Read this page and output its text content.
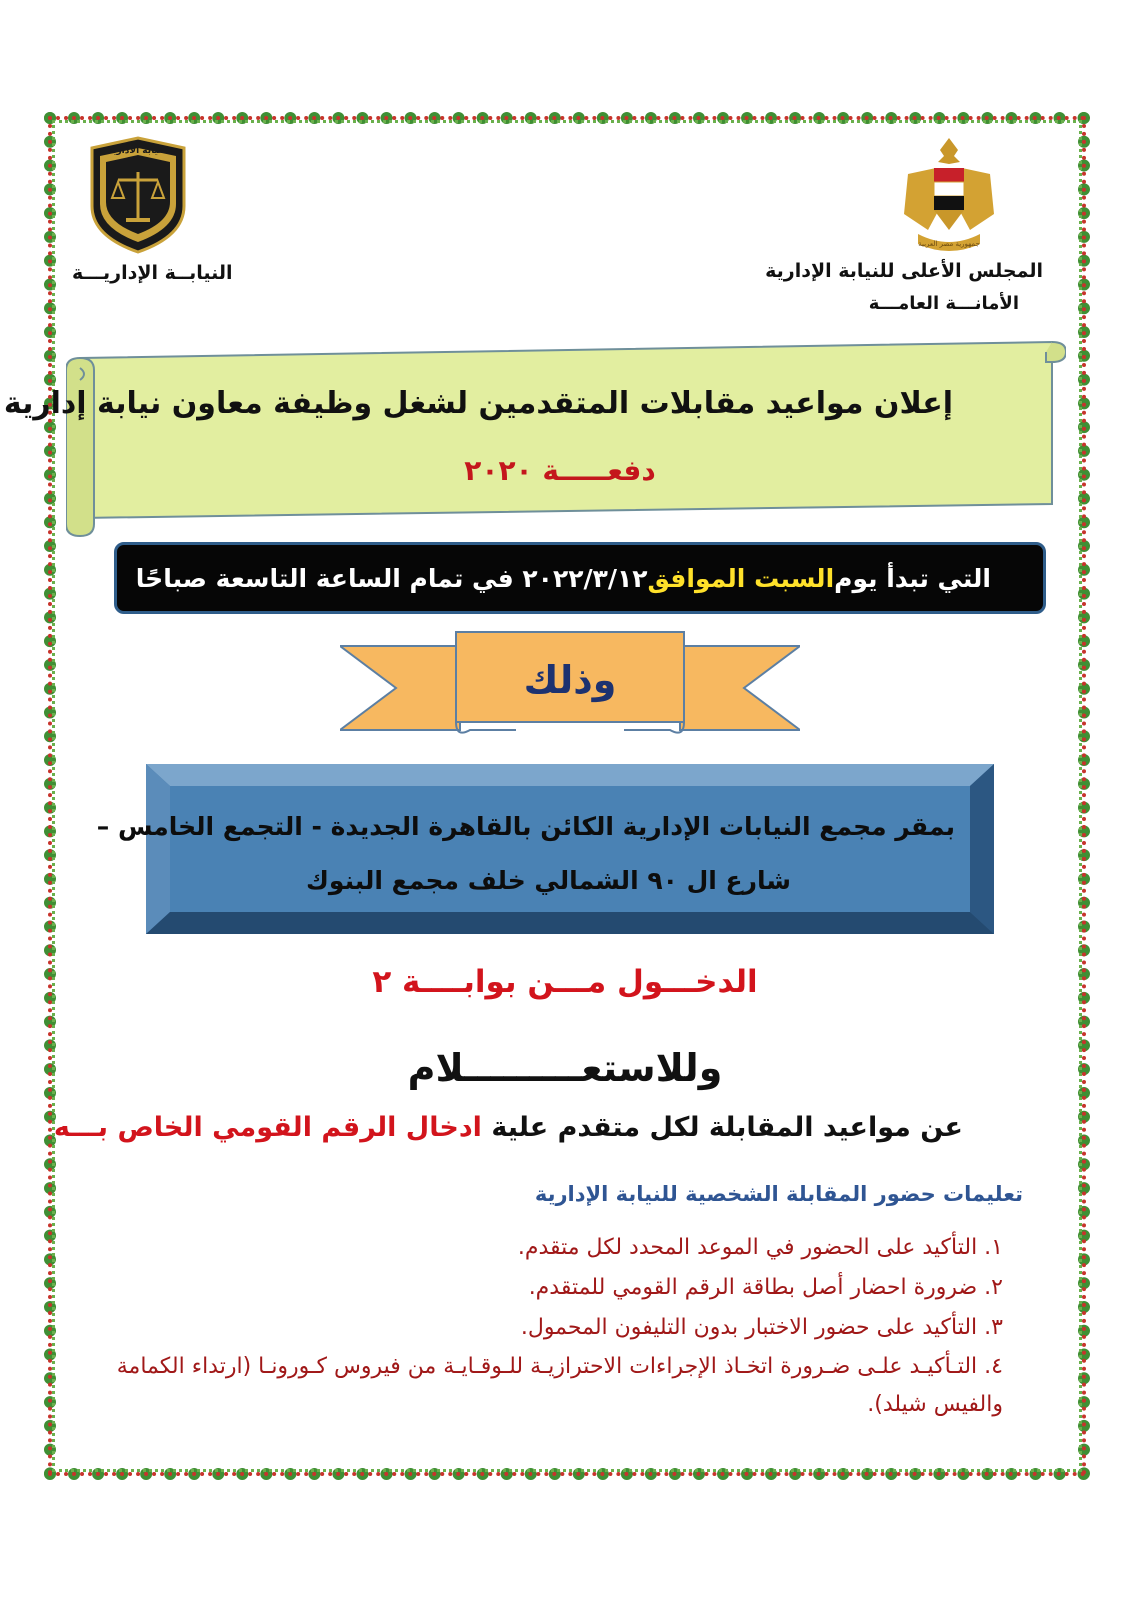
جمهورية مصر العربية
النيابة الادارية
المجلس الأعلى للنيابة الإدارية
الأمانـــة العامـــة
النيابــة الإداريـــة
إعلان مواعيد مقابلات المتقدمين لشغل وظيفة معاون نيابة إدارية
دفعـــــة ٢٠٢٠
التي تبدأ يوم
السبت الموافق
٢٠٢٢/٣/١٢ في تمام الساعة التاسعة صباحًا
وذلك
بمقر مجمع النيابات الإدارية الكائن بالقاهرة الجديدة - التجمع الخامس –
شارع ال ٩٠ الشمالي خلف مجمع البنوك
الدخـــول مـــن بوابــــة ٢
وللاستعـــــــــلام
عن مواعيد المقابلة لكل متقدم علية ادخال الرقم القومي الخاص بـــه
تعليمات حضور المقابلة الشخصية للنيابة الإدارية
١. التأكيد على الحضور في الموعد المحدد لكل متقدم.
٢. ضرورة احضار أصل بطاقة الرقم القومي للمتقدم.
٣. التأكيد على حضور الاختبار بدون التليفون المحمول.
٤. التـأكيـد علـى ضـرورة اتخـاذ الإجراءات الاحترازيـة للـوقـايـة من فيروس كـورونـا (ارتداء الكمامة والفيس شيلد).
